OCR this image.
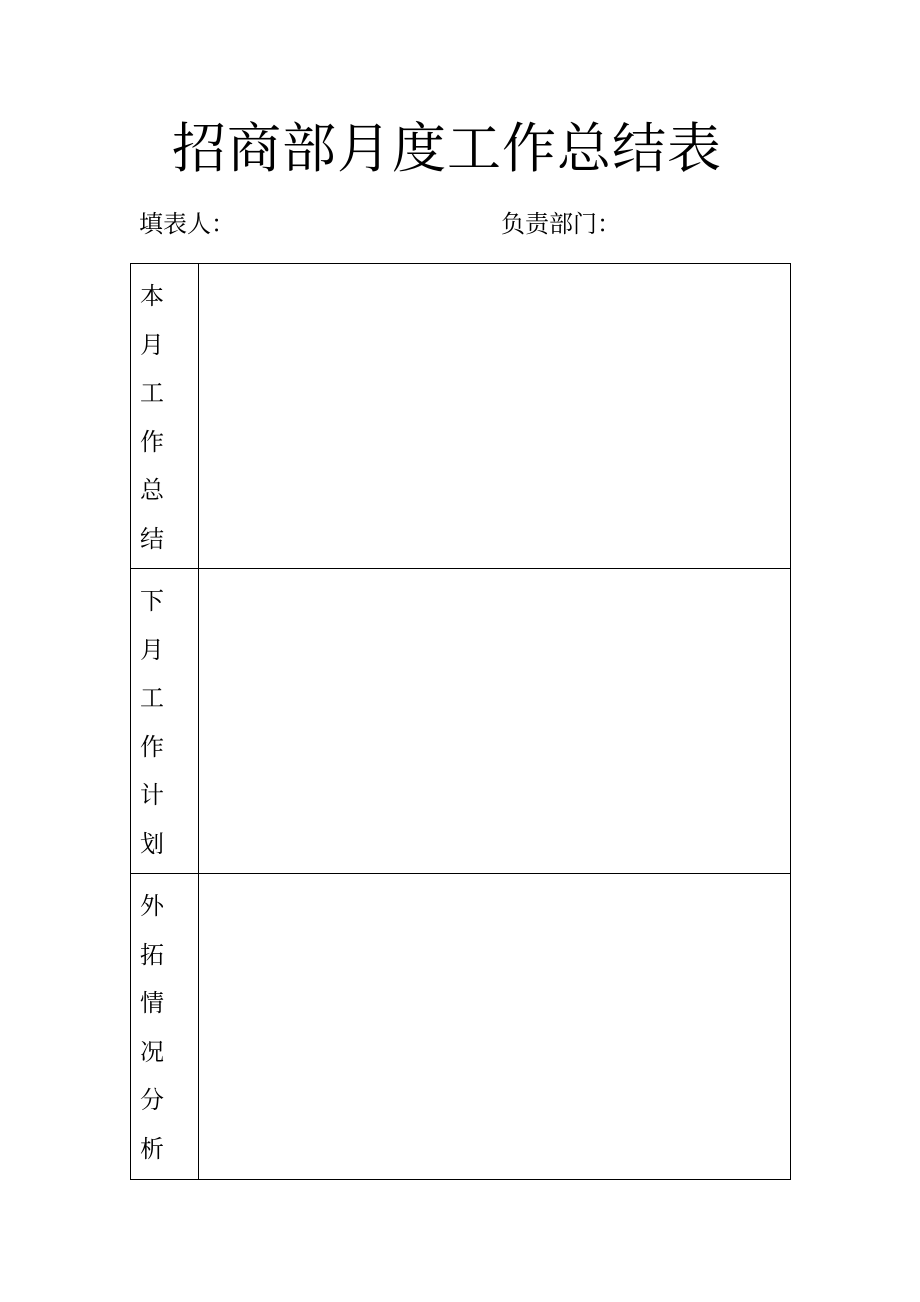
招商部月度工作总结表
填表人：	负责部门：
本月工作总结	

下月工作计划	

外拓情况分析	
